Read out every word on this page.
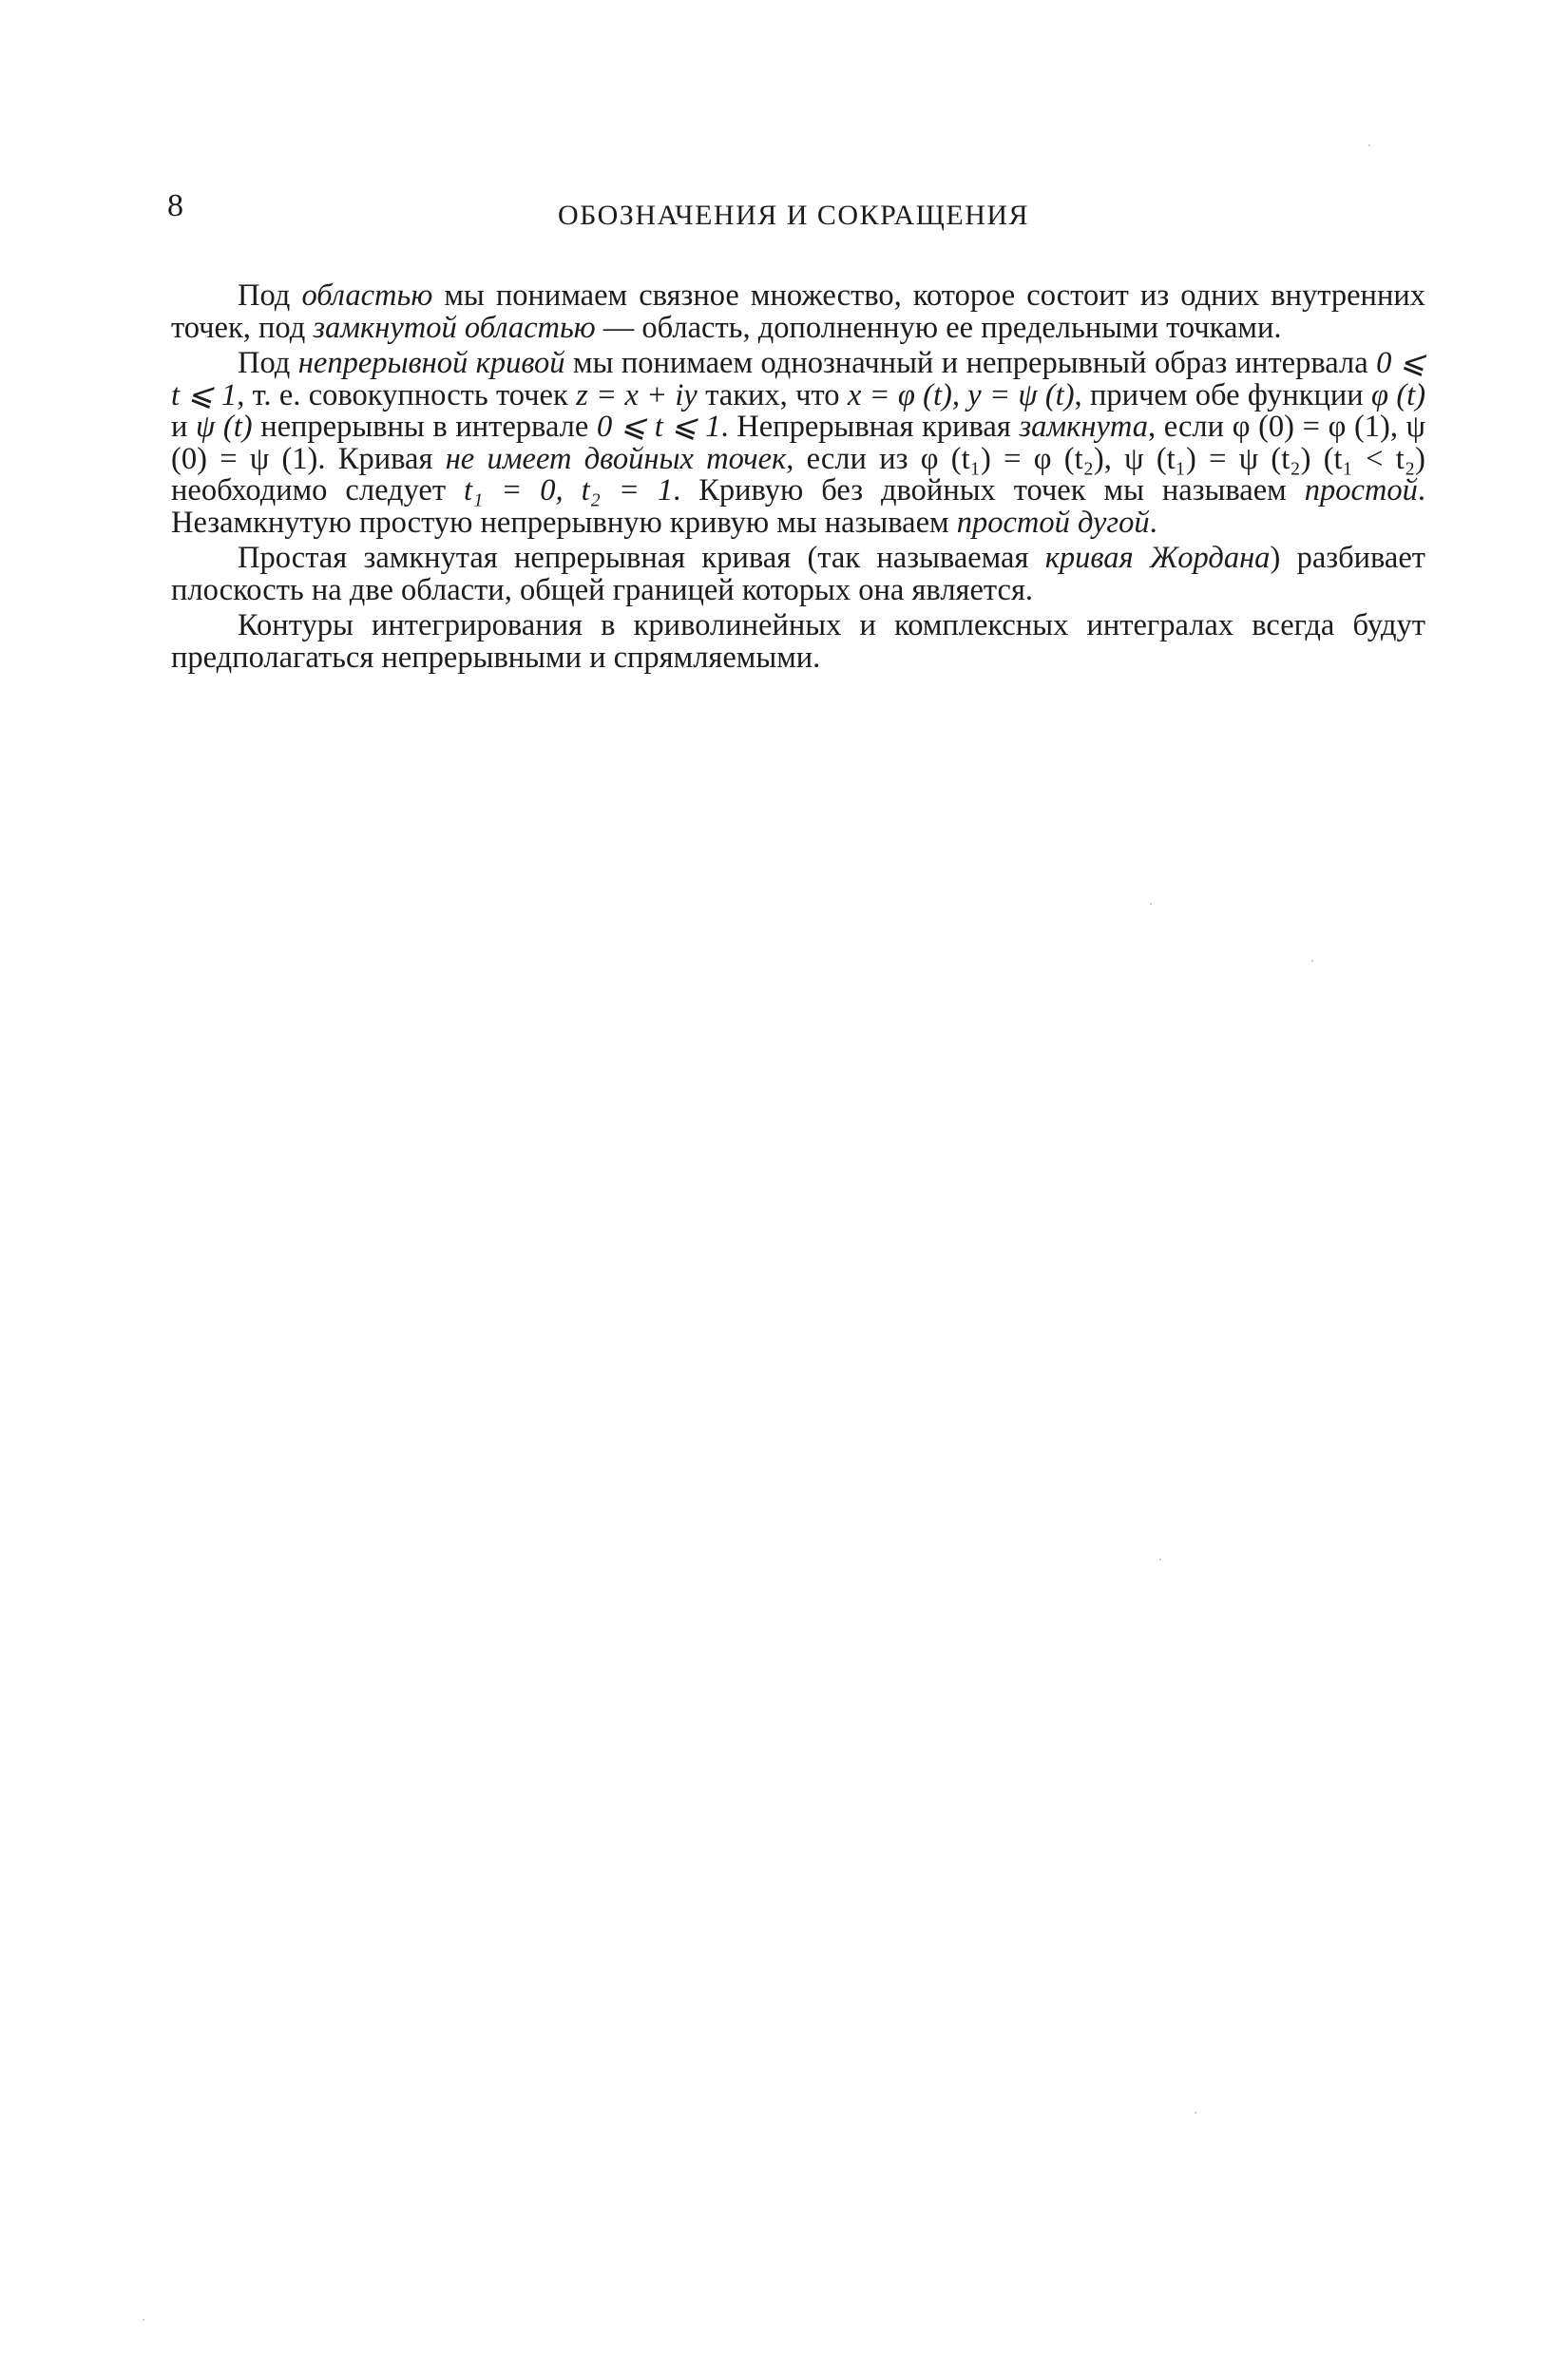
8	ОБОЗНАЧЕНИЯ И СОКРАЩЕНИЯ

Под областью мы понимаем связное множество, которое состоит из одних внутренних точек, под замкнутой областью — область, дополненную ее предельными точками.

Под непрерывной кривой мы понимаем однозначный и непрерывный образ интервала 0 ⩽ t ⩽ 1, т. е. совокупность точек z = x + iy таких, что x = φ (t), y = ψ (t), причем обе функции φ (t) и ψ (t) непрерывны в интервале 0 ⩽ t ⩽ 1. Непрерывная кривая замкнута, если φ (0) = φ (1), ψ (0) = ψ (1). Кривая не имеет двойных точек, если из φ (t₁) = φ (t₂), ψ (t₁) = ψ (t₂) (t₁ < t₂) необходимо следует t₁ = 0, t₂ = 1. Кривую без двойных точек мы называем простой. Незамкнутую простую непрерывную кривую мы называем простой дугой.

Простая замкнутая непрерывная кривая (так называемая кривая Жордана) разбивает плоскость на две области, общей границей которых она является.

Контуры интегрирования в криволинейных и комплексных интегралах всегда будут предполагаться непрерывными и спрямляемыми.
